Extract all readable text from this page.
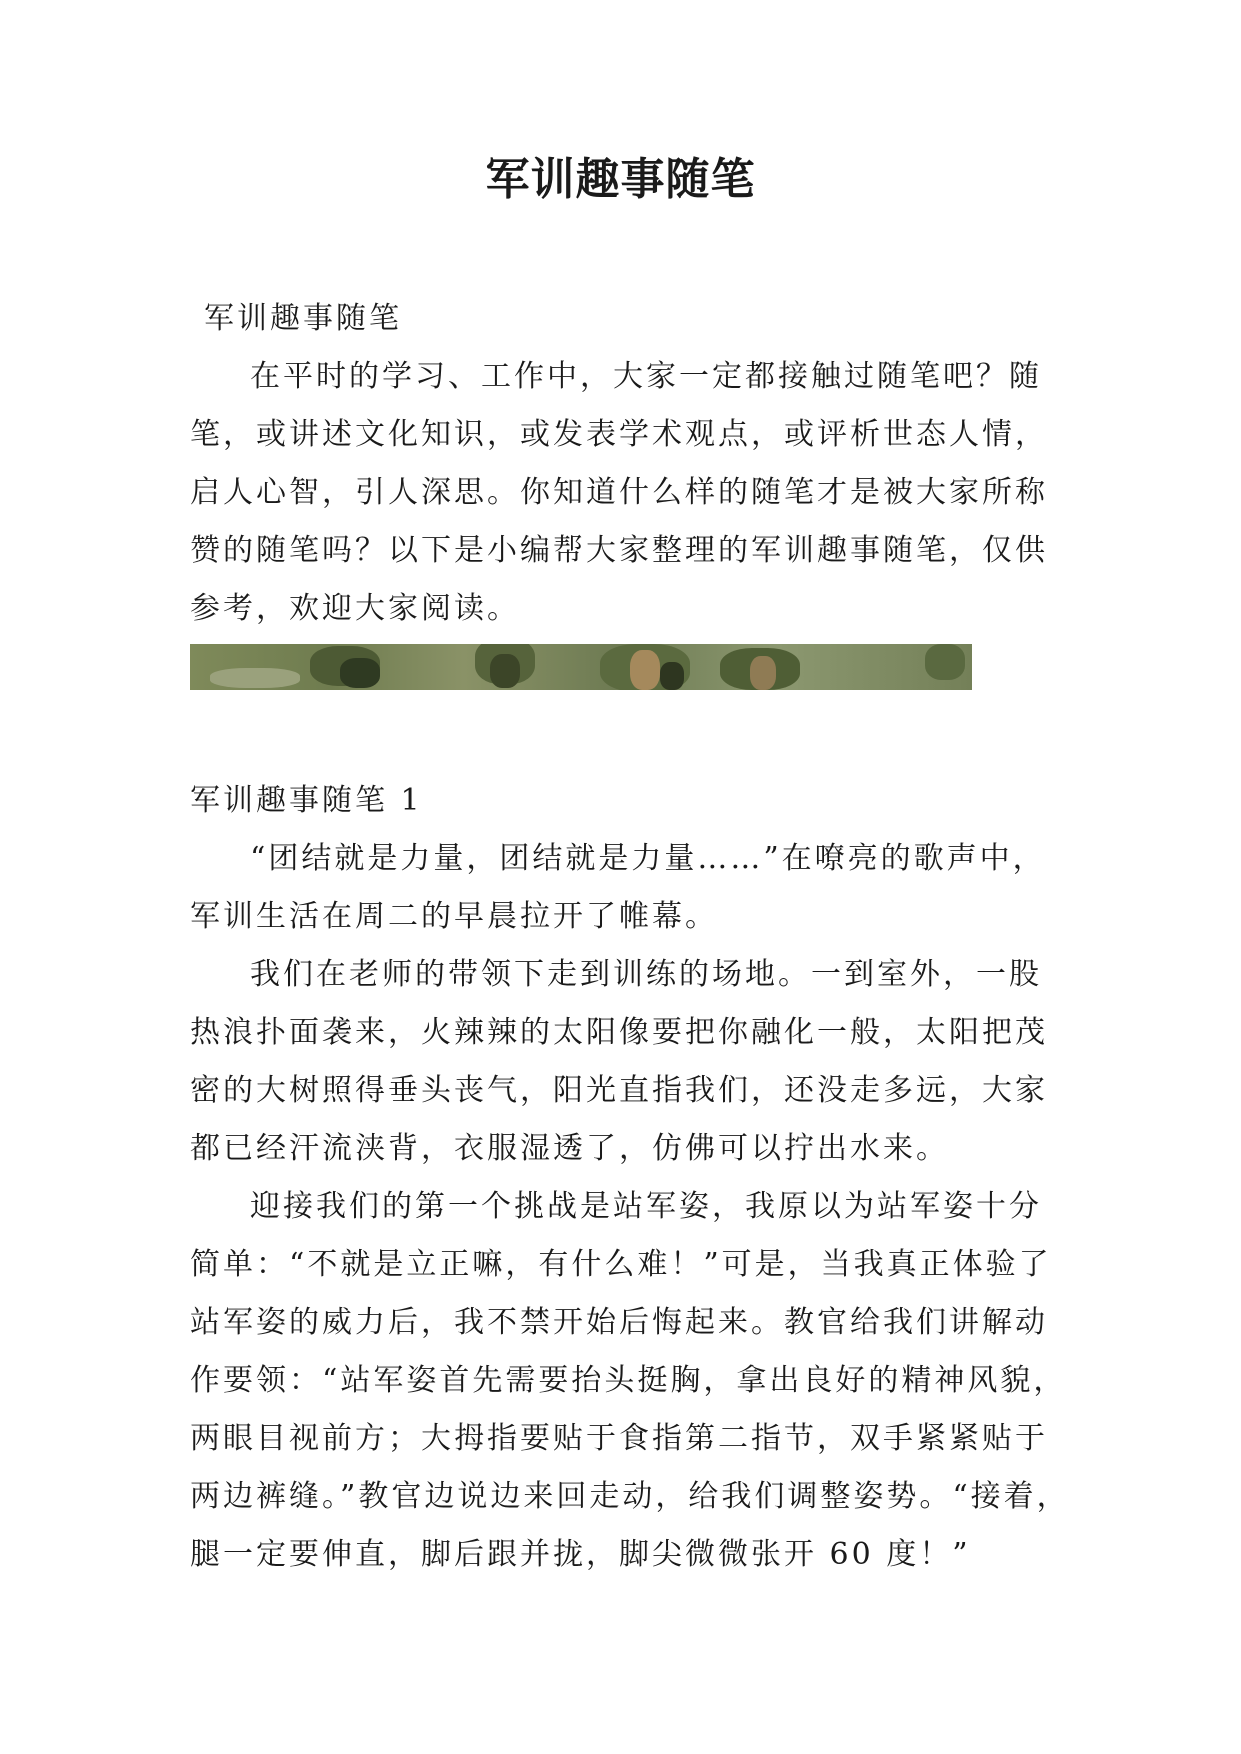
军训趣事随笔

军训趣事随笔

在平时的学习、工作中，大家一定都接触过随笔吧？随笔，或讲述文化知识，或发表学术观点，或评析世态人情，启人心智，引人深思。你知道什么样的随笔才是被大家所称赞的随笔吗？以下是小编帮大家整理的军训趣事随笔，仅供参考，欢迎大家阅读。

军训趣事随笔 1

“团结就是力量，团结就是力量……”在嘹亮的歌声中，军训生活在周二的早晨拉开了帷幕。

我们在老师的带领下走到训练的场地。一到室外，一股热浪扑面袭来，火辣辣的太阳像要把你融化一般，太阳把茂密的大树照得垂头丧气，阳光直指我们，还没走多远，大家都已经汗流浃背，衣服湿透了，仿佛可以拧出水来。

迎接我们的第一个挑战是站军姿，我原以为站军姿十分简单：“不就是立正嘛，有什么难！”可是，当我真正体验了站军姿的威力后，我不禁开始后悔起来。教官给我们讲解动作要领：“站军姿首先需要抬头挺胸，拿出良好的精神风貌，两眼目视前方；大拇指要贴于食指第二指节，双手紧紧贴于两边裤缝。”教官边说边来回走动，给我们调整姿势。“接着，腿一定要伸直，脚后跟并拢，脚尖微微张开 60 度！”
